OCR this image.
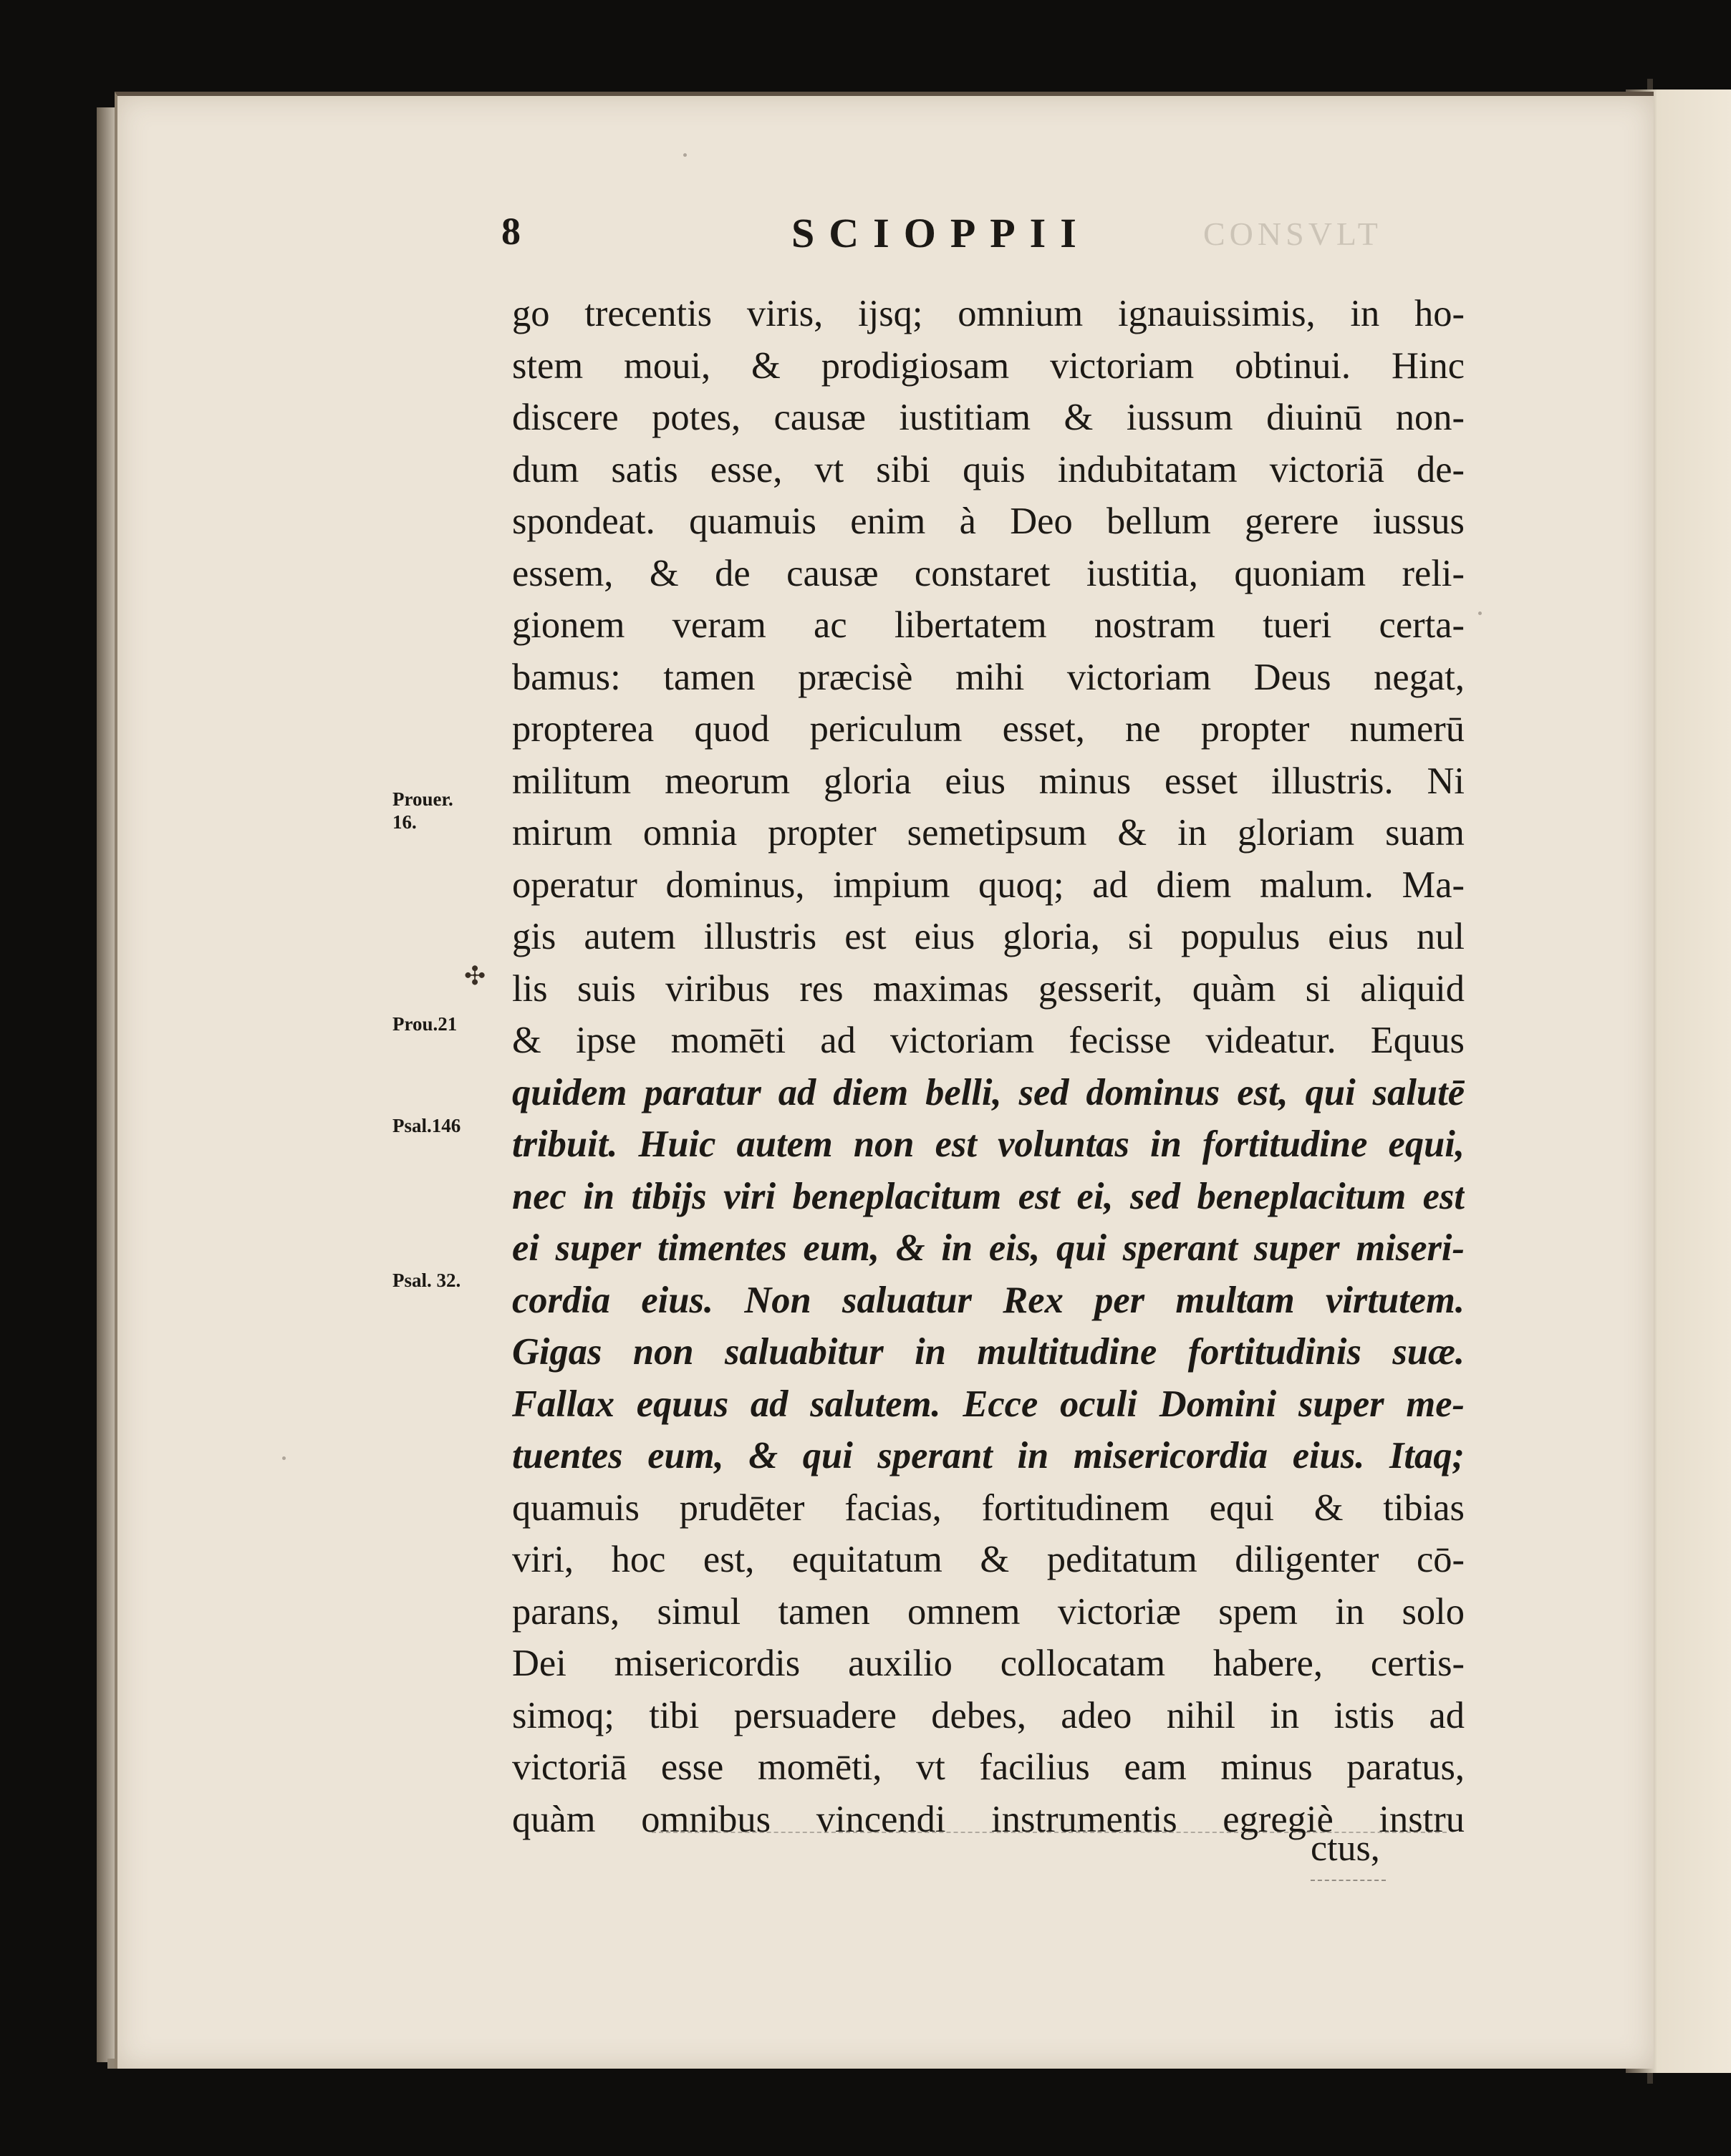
8	SCIOPPII	CONSVLT
Prouer.
16.
✣
Prou.21
Psal.146
Psal. 32.
go trecentis viris, ijsq; omnium ignauissimis, in ho-
stem moui, & prodigiosam victoriam obtinui. Hinc
discere potes, causæ iustitiam & iussum diuinū non-
dum satis esse, vt sibi quis indubitatam victoriā de-
spondeat. quamuis enim à Deo bellum gerere iussus
essem, & de causæ constaret iustitia, quoniam reli-
gionem veram ac libertatem nostram tueri certa-
bamus: tamen præcisè mihi victoriam Deus negat,
propterea quod periculum esset, ne propter numerū
militum meorum gloria eius minus esset illustris. Ni
mirum omnia propter semetipsum & in gloriam suam
operatur dominus, impium quoq; ad diem malum. Ma-
gis autem illustris est eius gloria, si populus eius nul
lis suis viribus res maximas gesserit, quàm si aliquid
& ipse momēti ad victoriam fecisse videatur. Equus
quidem paratur ad diem belli, sed dominus est, qui salutē
tribuit. Huic autem non est voluntas in fortitudine equi,
nec in tibijs viri beneplacitum est ei, sed beneplacitum est
ei super timentes eum, & in eis, qui sperant super miseri-
cordia eius. Non saluatur Rex per multam virtutem.
Gigas non saluabitur in multitudine fortitudinis suæ.
Fallax equus ad salutem. Ecce oculi Domini super me-
tuentes eum, & qui sperant in misericordia eius. Itaq;
quamuis prudēter facias, fortitudinem equi & tibias
viri, hoc est, equitatum & peditatum diligenter cō-
parans, simul tamen omnem victoriæ spem in solo
Dei misericordis auxilio collocatam habere, certis-
simoq; tibi persuadere debes, adeo nihil in istis ad
victoriā esse momēti, vt facilius eam minus paratus,
quàm omnibus vincendi instrumentis egregiè instru
ctus,
